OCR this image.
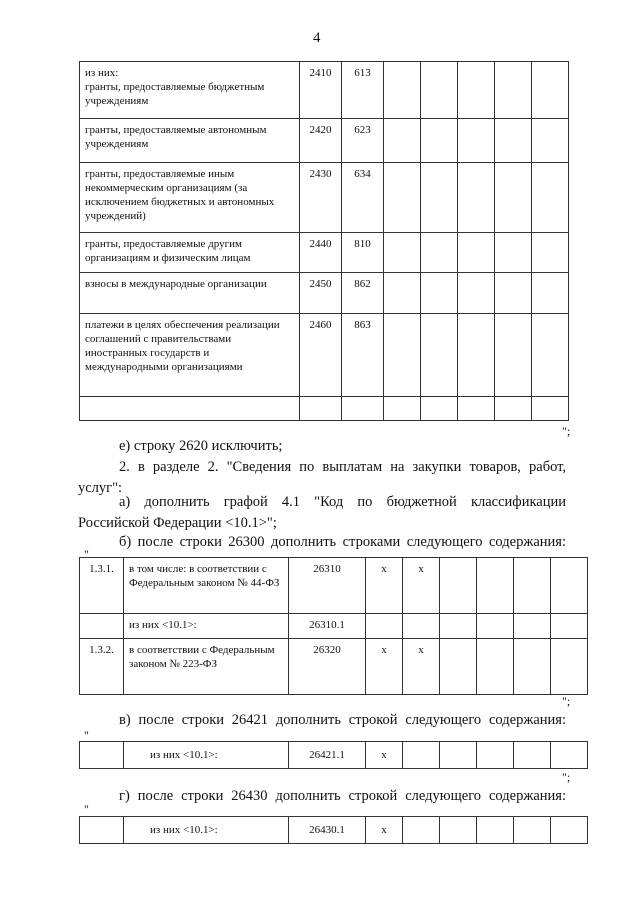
4
из них:
гранты, предоставляемые бюджетным учреждениям	2410	613					
гранты, предоставляемые автономным учреждениям	2420	623					
гранты, предоставляемые иным некоммерческим организациям (за исключением бюджетных и автономных учреждений)	2430	634					
гранты, предоставляемые другим организациям и физическим лицам	2440	810					
взносы в международные организации	2450	862					
платежи в целях обеспечения реализации соглашений с правительствами иностранных государств и международными организациями	2460	863					

";
е) строку 2620 исключить;
2. в разделе 2. "Сведения по выплатам на закупки товаров, работ,
услуг":
а) дополнить графой 4.1 "Код по бюджетной классификации
Российской Федерации <10.1>";
б) после строки 26300 дополнить строками следующего содержания:
"
1.3.1.	в том числе: в соответствии с Федеральным законом № 44-ФЗ	26310	х	х				
	из них <10.1>:	26310.1						
1.3.2.	в соответствии с Федеральным законом № 223-ФЗ	26320	х	х				
";
в) после строки 26421 дополнить строкой следующего содержания:
"
	из них <10.1>:	26421.1	х					
";
г) после строки 26430 дополнить строкой следующего содержания:
"
	из них <10.1>:	26430.1	х					
